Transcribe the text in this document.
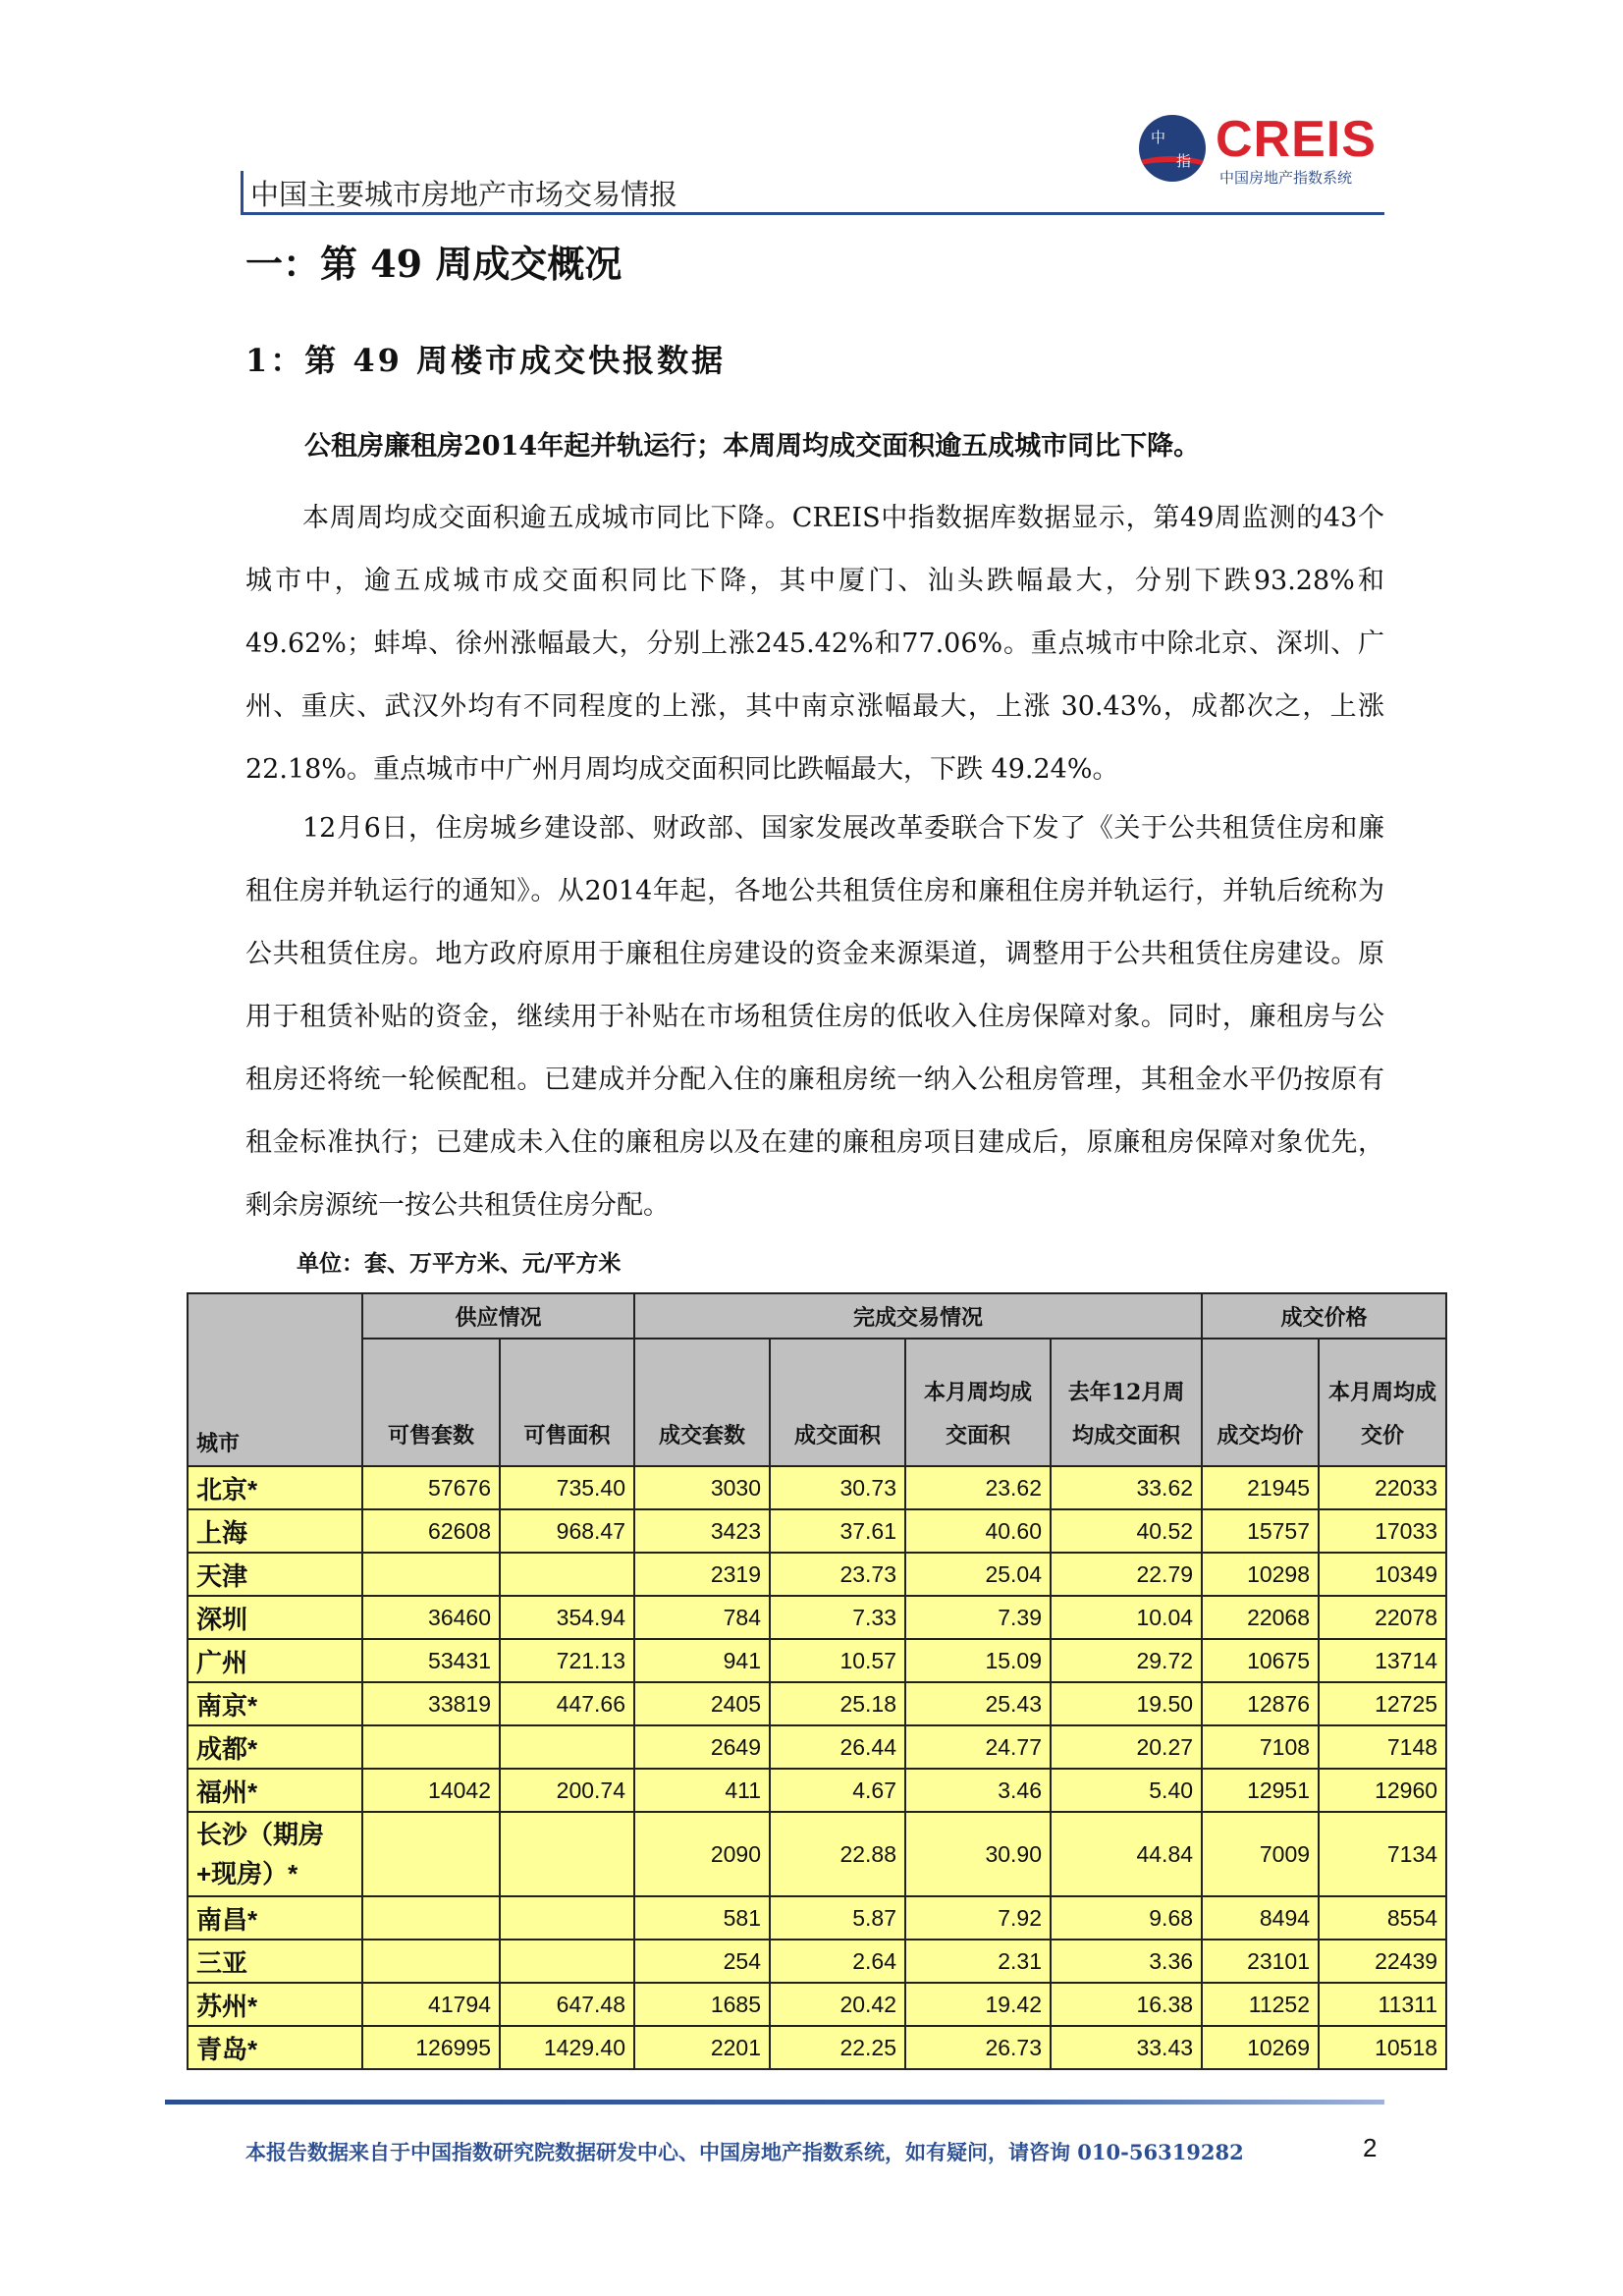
中国主要城市房地产市场交易情报
中
指 CREIS
中国房地产指数系统
一：第 49 周成交概况
1：第 49 周楼市成交快报数据
公租房廉租房2014年起并轨运行；本周周均成交面积逾五成城市同比下降。

本周周均成交面积逾五成城市同比下降。CREIS中指数据库数据显示，第49周监测的43个城市中，逾五成城市成交面积同比下降，其中厦门、汕头跌幅最大，分别下跌93.28%和49.62%；蚌埠、徐州涨幅最大，分别上涨245.42%和77.06%。重点城市中除北京、深圳、广州、重庆、武汉外均有不同程度的上涨，其中南京涨幅最大，上涨 30.43%，成都次之，上涨 22.18%。重点城市中广州月周均成交面积同比跌幅最大，下跌 49.24%。

12月6日，住房城乡建设部、财政部、国家发展改革委联合下发了《关于公共租赁住房和廉租住房并轨运行的通知》。从2014年起，各地公共租赁住房和廉租住房并轨运行，并轨后统称为公共租赁住房。地方政府原用于廉租住房建设的资金来源渠道，调整用于公共租赁住房建设。原用于租赁补贴的资金，继续用于补贴在市场租赁住房的低收入住房保障对象。同时，廉租房与公租房还将统一轮候配租。已建成并分配入住的廉租房统一纳入公租房管理，其租金水平仍按原有租金标准执行；已建成未入住的廉租房以及在建的廉租房项目建成后，原廉租房保障对象优先，剩余房源统一按公共租赁住房分配。

单位：套、万平方米、元/平方米
城市	供应情况		完成交易情况				成交价格	
	可售套数	可售面积	成交套数	成交面积	本月周均成交面积	去年12月周均成交面积	成交均价	本月周均成交价
北京*	57676	735.40	3030	30.73	23.62	33.62	21945	22033
上海	62608	968.47	3423	37.61	40.60	40.52	15757	17033
天津			2319	23.73	25.04	22.79	10298	10349
深圳	36460	354.94	784	7.33	7.39	10.04	22068	22078
广州	53431	721.13	941	10.57	15.09	29.72	10675	13714
南京*	33819	447.66	2405	25.18	25.43	19.50	12876	12725
成都*			2649	26.44	24.77	20.27	7108	7148
福州*	14042	200.74	411	4.67	3.46	5.40	12951	12960
长沙（期房+现房）*			2090	22.88	30.90	44.84	7009	7134
南昌*			581	5.87	7.92	9.68	8494	8554
三亚			254	2.64	2.31	3.36	23101	22439
苏州*	41794	647.48	1685	20.42	19.42	16.38	11252	11311
青岛*	126995	1429.40	2201	22.25	26.73	33.43	10269	10518
本报告数据来自于中国指数研究院数据研发中心、中国房地产指数系统，如有疑问，请咨询 010-56319282	2
